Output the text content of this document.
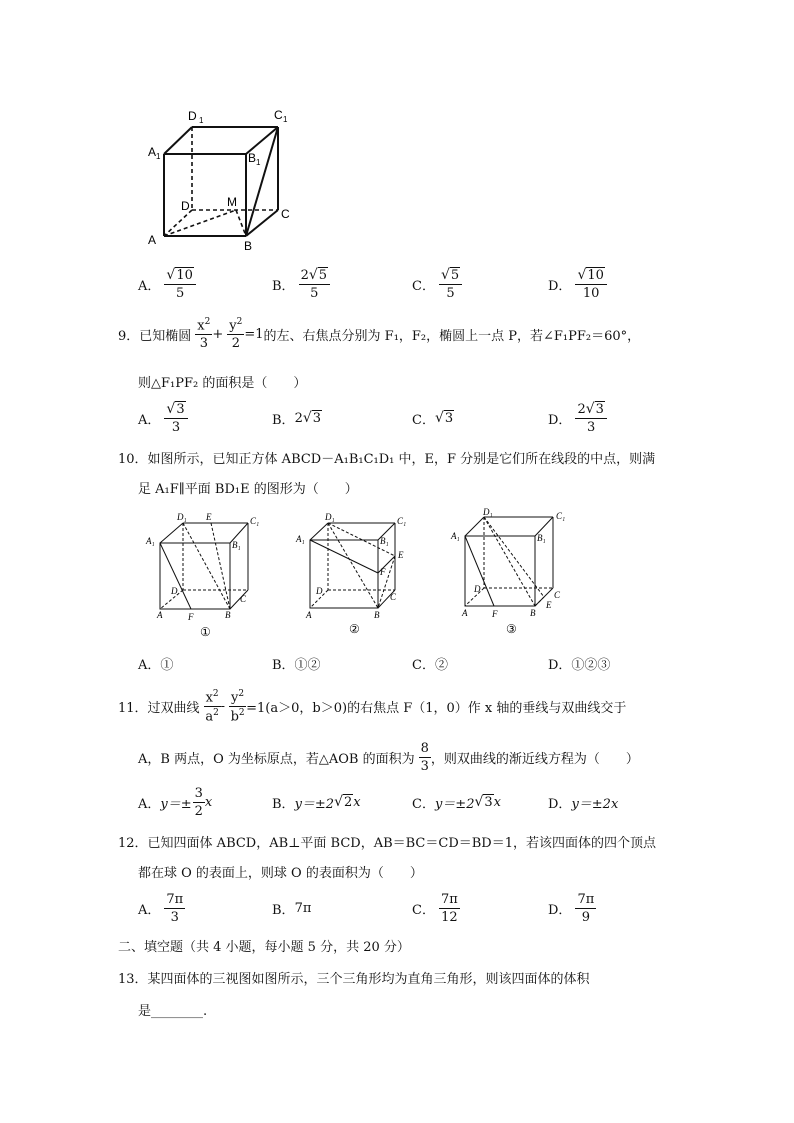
D 1	C 1
A 1	B 1
D	M
C
A	B
A． $\frac{√10}{5}$	B． $\frac{2√5}{5}$	C． $\frac{√5}{5}$	D． $\frac{√10}{10}$
9． 已知椭圆 $\frac{x^2}{3} + \frac{y^2}{2} =1$ 的左、右焦点分别为 F₁，F₂，椭圆上一点 P，若∠F₁PF₂＝60°，
则△F₁PF₂ 的面积是（　　）
A． $\frac{√3}{3}$	B． 2 √3	C． √3	D． $\frac{2√3}{3}$
10．如图所示，已知正方体 ABCD－A₁B₁C₁D₁ 中，E，F 分别是它们所在线段的中点，则满
足 A₁F∥平面 BD₁E 的图形为（　　）
D₁ E	C₁
A₁	B₁
D
C
A	F	B
①
D₁	C₁
A₁	B₁
E
F
D
C
A	B
②
D₁	C₁
A₁	B₁
D
C
E
A	F	B
③
A．①	B．①②	C．②	D．①②③
11． 过双曲线 $\frac{x^2}{a^2} - \frac{y^2}{b^2} =1(a>0$，b＞0) 的右焦点 F（1，0）作 x 轴的垂线与双曲线交于
A，B 两点，O 为坐标原点，若△AOB 的面积为 $\frac{8}{3}$ ，则双曲线的渐近线方程为（　　）
A． $y=\pm \frac{3}{2}$ x	B． y＝±2 √2 x	C． y＝±2 √3 x	D． y＝±2x
12．已知四面体 ABCD，AB⊥平面 BCD，AB＝BC＝CD＝BD＝1，若该四面体的四个顶点
都在球 O 的表面上，则球 O 的表面积为（　　）
A． $\frac{7\pi}{3}$	B． 7π	C． $\frac{7\pi}{12}$	D． $\frac{7\pi}{9}$
二、填空题（共 4 小题，每小题 5 分，共 20 分）
13．某四面体的三视图如图所示，三个三角形均为直角三角形，则该四面体的体积
是________.
